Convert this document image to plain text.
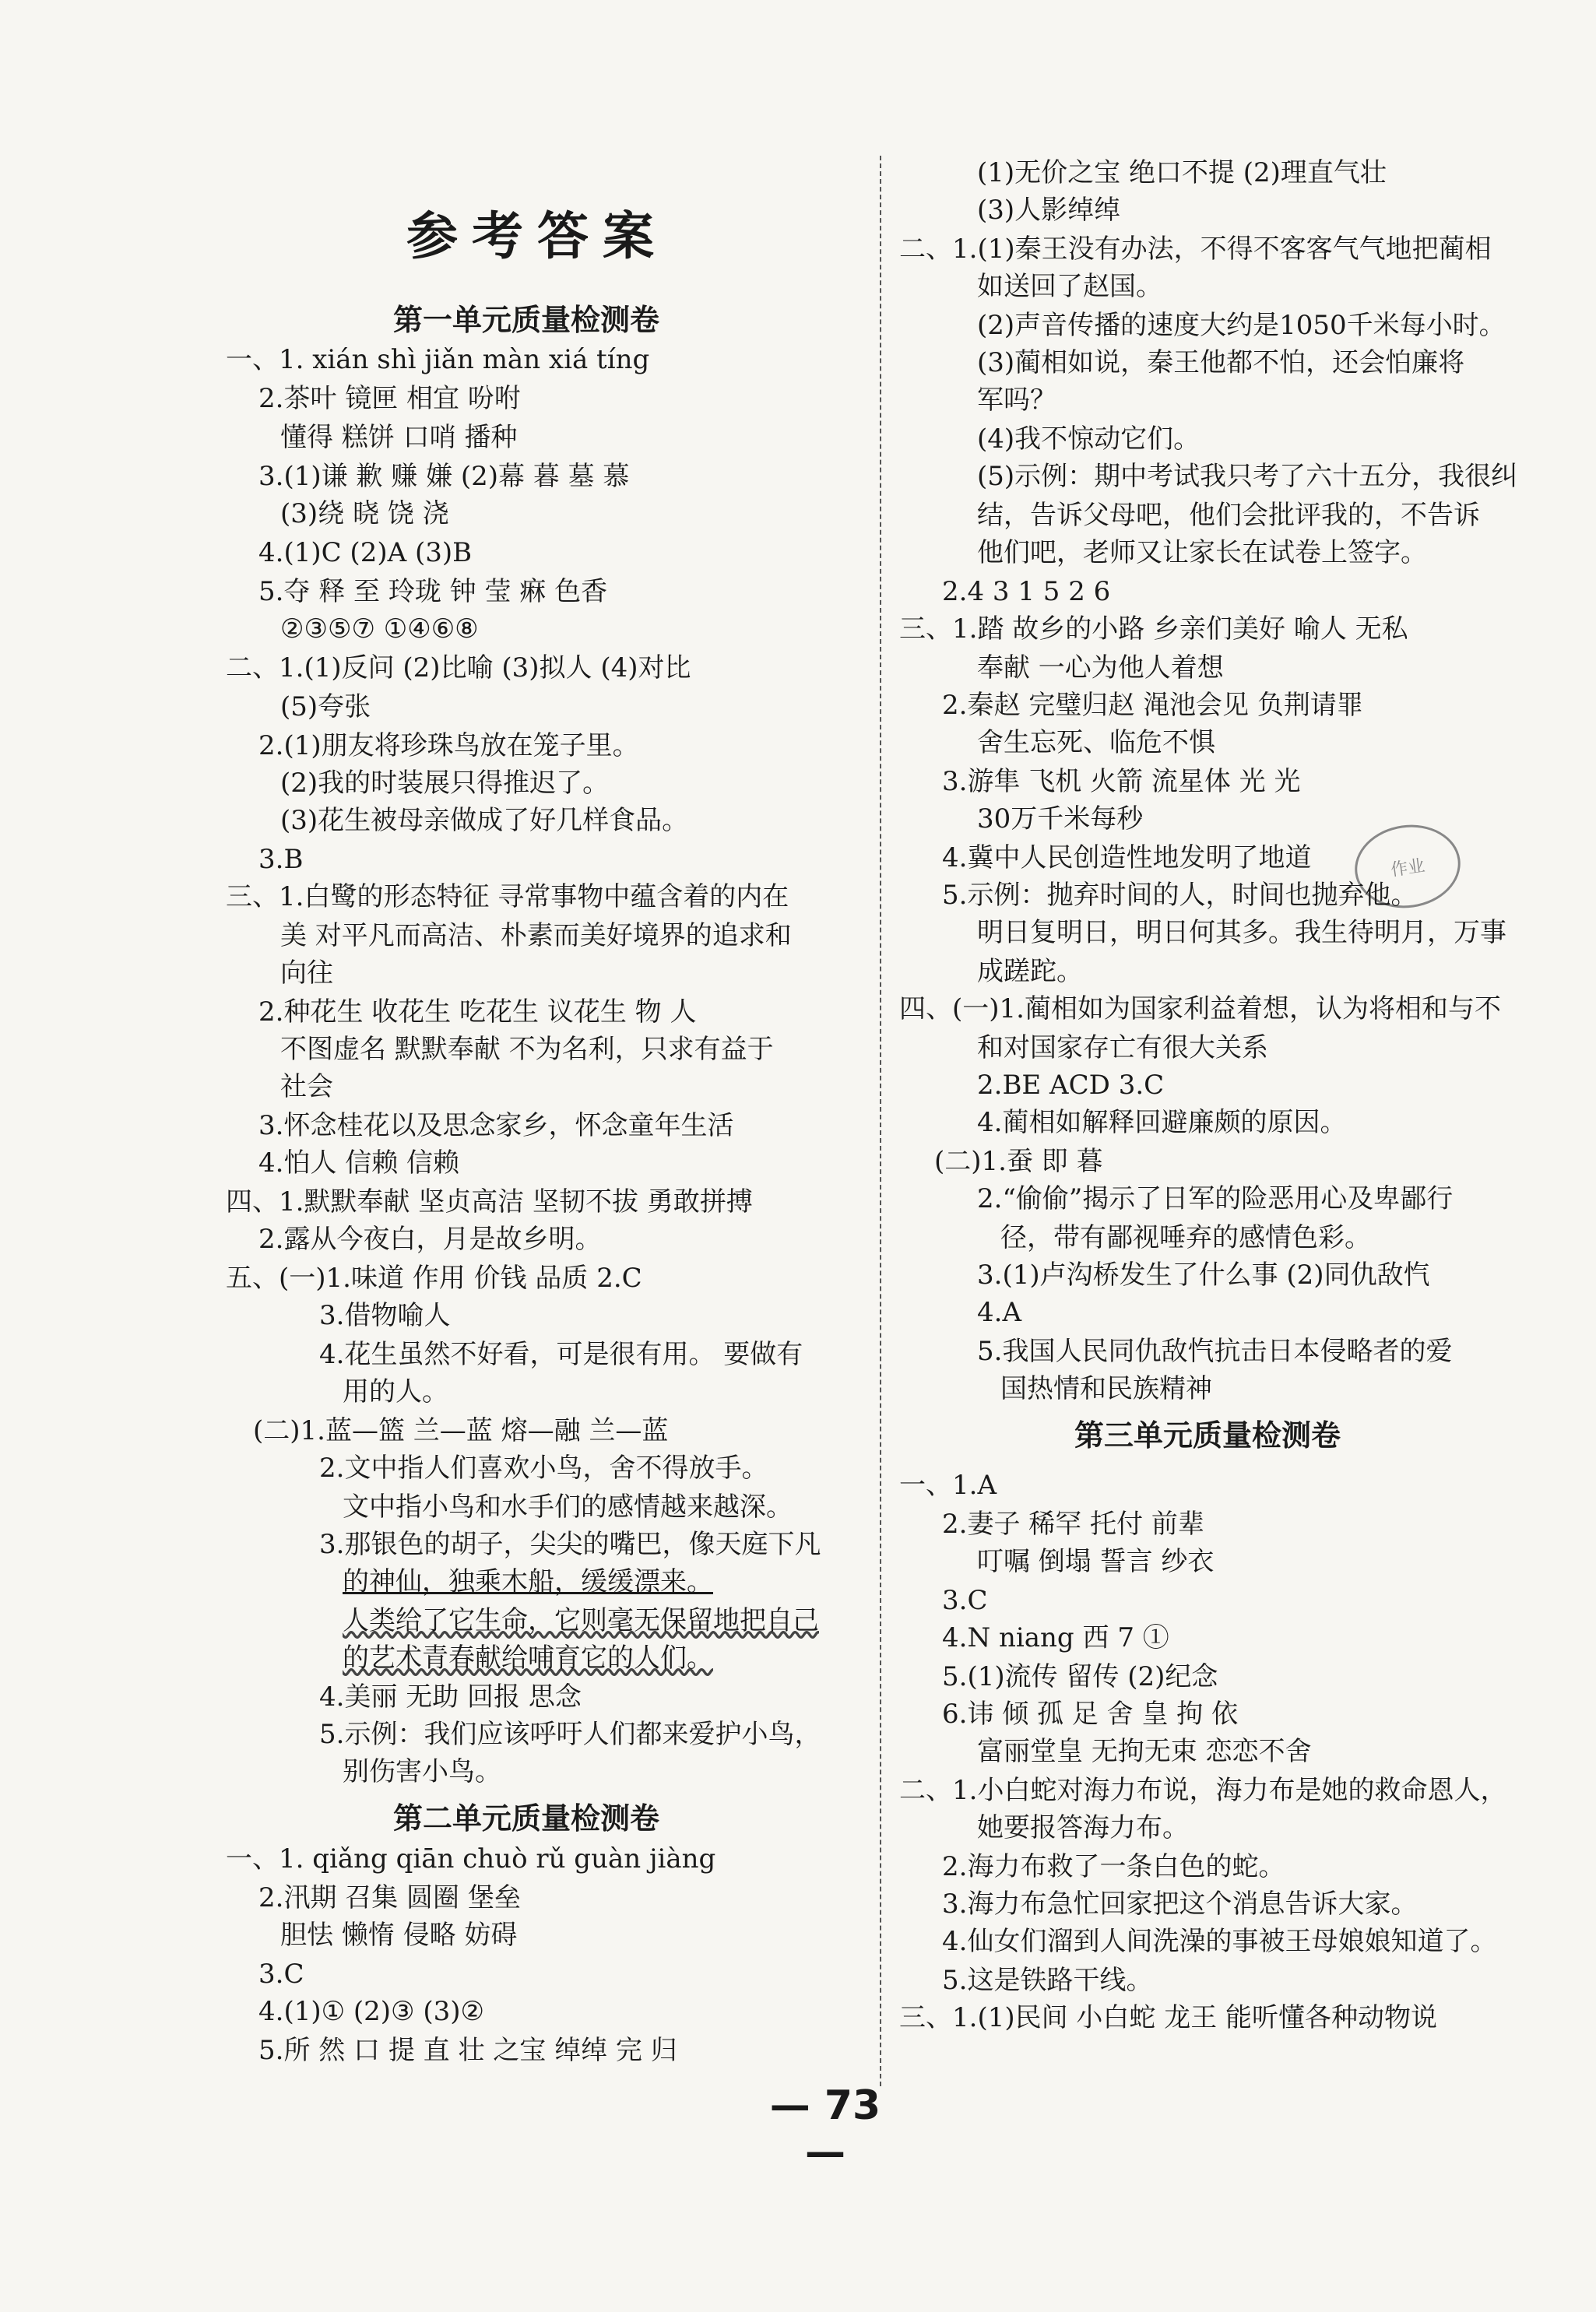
参考答案
作业
第一单元质量检测卷
一、1. xián shì jiǎn màn xiá tíng
2.茶叶 镜匣 相宜 吩咐
懂得 糕饼 口哨 播种
3.(1)谦 歉 赚 嫌 (2)幕 暮 墓 慕
(3)绕 晓 饶 浇
4.(1)C (2)A (3)B
5.夺 释 至 玲珑 钟 莹 痳 色香
②③⑤⑦ ①④⑥⑧
二、1.(1)反问 (2)比喻 (3)拟人 (4)对比
(5)夸张
2.(1)朋友将珍珠鸟放在笼子里。
(2)我的时装展只得推迟了。
(3)花生被母亲做成了好几样食品。
3.B
三、1.白鹭的形态特征 寻常事物中蕴含着的内在
美 对平凡而高洁、朴素而美好境界的追求和
向往
2.种花生 收花生 吃花生 议花生 物 人
不图虚名 默默奉献 不为名利，只求有益于
社会
3.怀念桂花以及思念家乡，怀念童年生活
4.怕人 信赖 信赖
四、1.默默奉献 坚贞高洁 坚韧不拔 勇敢拼搏
2.露从今夜白，月是故乡明。
五、(一)1.味道 作用 价钱 品质 2.C
3.借物喻人
4.花生虽然不好看，可是很有用。 要做有
用的人。
(二)1.蓝—篮 兰—蓝 熔—融 兰—蓝
2.文中指人们喜欢小鸟，舍不得放手。
文中指小鸟和水手们的感情越来越深。
3.那银色的胡子，尖尖的嘴巴，像天庭下凡
的神仙，独乘木船，缓缓漂来。
人类给了它生命，它则毫无保留地把自己
的艺术青春献给哺育它的人们。
4.美丽 无助 回报 思念
5.示例：我们应该呼吁人们都来爱护小鸟，
别伤害小鸟。
第二单元质量检测卷
一、1. qiǎng qiān chuò rǔ guàn jiàng
2.汛期 召集 圆圈 堡垒
胆怯 懒惰 侵略 妨碍
3.C
4.(1)① (2)③ (3)②
5.所 然 口 提 直 壮 之宝 绰绰 完 归
(1)无价之宝 绝口不提 (2)理直气壮
(3)人影绰绰
二、1.(1)秦王没有办法，不得不客客气气地把蔺相
如送回了赵国。
(2)声音传播的速度大约是1050千米每小时。
(3)蔺相如说，秦王他都不怕，还会怕廉将
军吗？
(4)我不惊动它们。
(5)示例：期中考试我只考了六十五分，我很纠
结，告诉父母吧，他们会批评我的，不告诉
他们吧，老师又让家长在试卷上签字。
2.4 3 1 5 2 6
三、1.踏 故乡的小路 乡亲们美好 喻人 无私
奉献 一心为他人着想
2.秦赵 完璧归赵 渑池会见 负荆请罪
舍生忘死、临危不惧
3.游隼 飞机 火箭 流星体 光 光
30万千米每秒
4.冀中人民创造性地发明了地道
5.示例：抛弃时间的人，时间也抛弃他。
明日复明日，明日何其多。我生待明月，万事
成蹉跎。
四、(一)1.蔺相如为国家利益着想，认为将相和与不
和对国家存亡有很大关系
2.BE ACD 3.C
4.蔺相如解释回避廉颇的原因。
(二)1.蚕 即 暮
2.“偷偷”揭示了日军的险恶用心及卑鄙行
径，带有鄙视唾弃的感情色彩。
3.(1)卢沟桥发生了什么事 (2)同仇敌忾
4.A
5.我国人民同仇敌忾抗击日本侵略者的爱
国热情和民族精神
第三单元质量检测卷
一、1.A
2.妻子 稀罕 托付 前辈
叮嘱 倒塌 誓言 纱衣
3.C
4.N niang 西 7 ①
5.(1)流传 留传 (2)纪念
6.讳 倾 孤 足 舍 皇 拘 依
富丽堂皇 无拘无束 恋恋不舍
二、1.小白蛇对海力布说，海力布是她的救命恩人，
她要报答海力布。
2.海力布救了一条白色的蛇。
3.海力布急忙回家把这个消息告诉大家。
4.仙女们溜到人间洗澡的事被王母娘娘知道了。
5.这是铁路干线。
三、1.(1)民间 小白蛇 龙王 能听懂各种动物说
— 73 —
